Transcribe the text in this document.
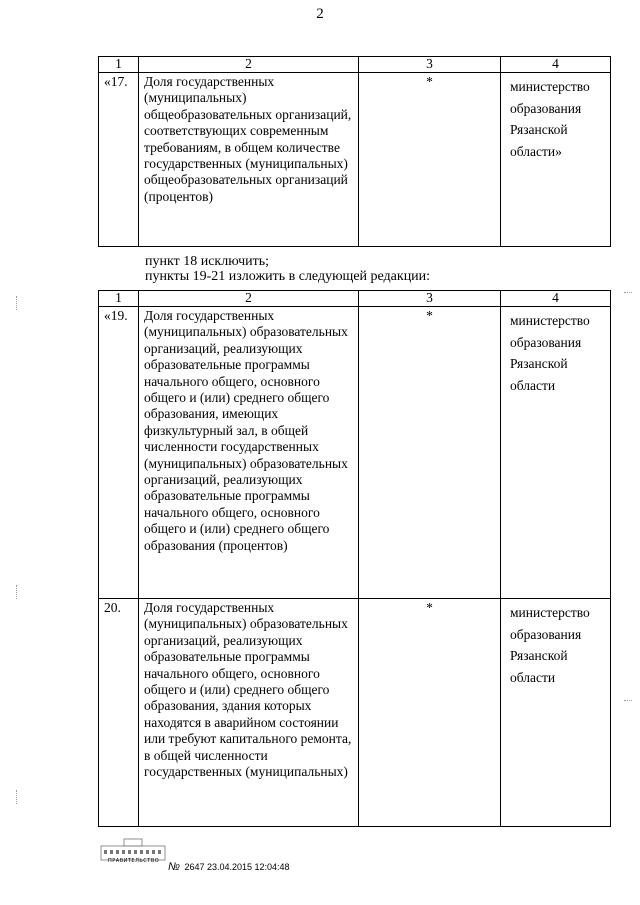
2
1	2	3	4
«17.	Доля государственных (муниципальных) общеобразовательных организаций, соответствующих современным требованиям, в общем количестве государственных (муниципальных) общеобразовательных организаций (процентов)	*	министерство образования Рязанской области»
пункт 18 исключить;
пункты 19-21 изложить в следующей редакции:
1	2	3	4
«19.	Доля государственных (муниципальных) образовательных организаций, реализующих образовательные программы начального общего, основного общего и (или) среднего общего образования, имеющих физкультурный зал, в общей численности государственных (муниципальных) образовательных организаций, реализующих образовательные программы начального общего, основного общего и (или) среднего общего образования (процентов)	*	министерство образования Рязанской области
20.	Доля государственных (муниципальных) образовательных организаций, реализующих образовательные программы начального общего, основного общего и (или) среднего общего образования, здания которых находятся в аварийном состоянии или требуют капитального ремонта, в общей численности государственных (муниципальных)	*	министерство образования Рязанской области
ПРАВИТЕЛЬСТВО № 2647 23.04.2015 12:04:48
